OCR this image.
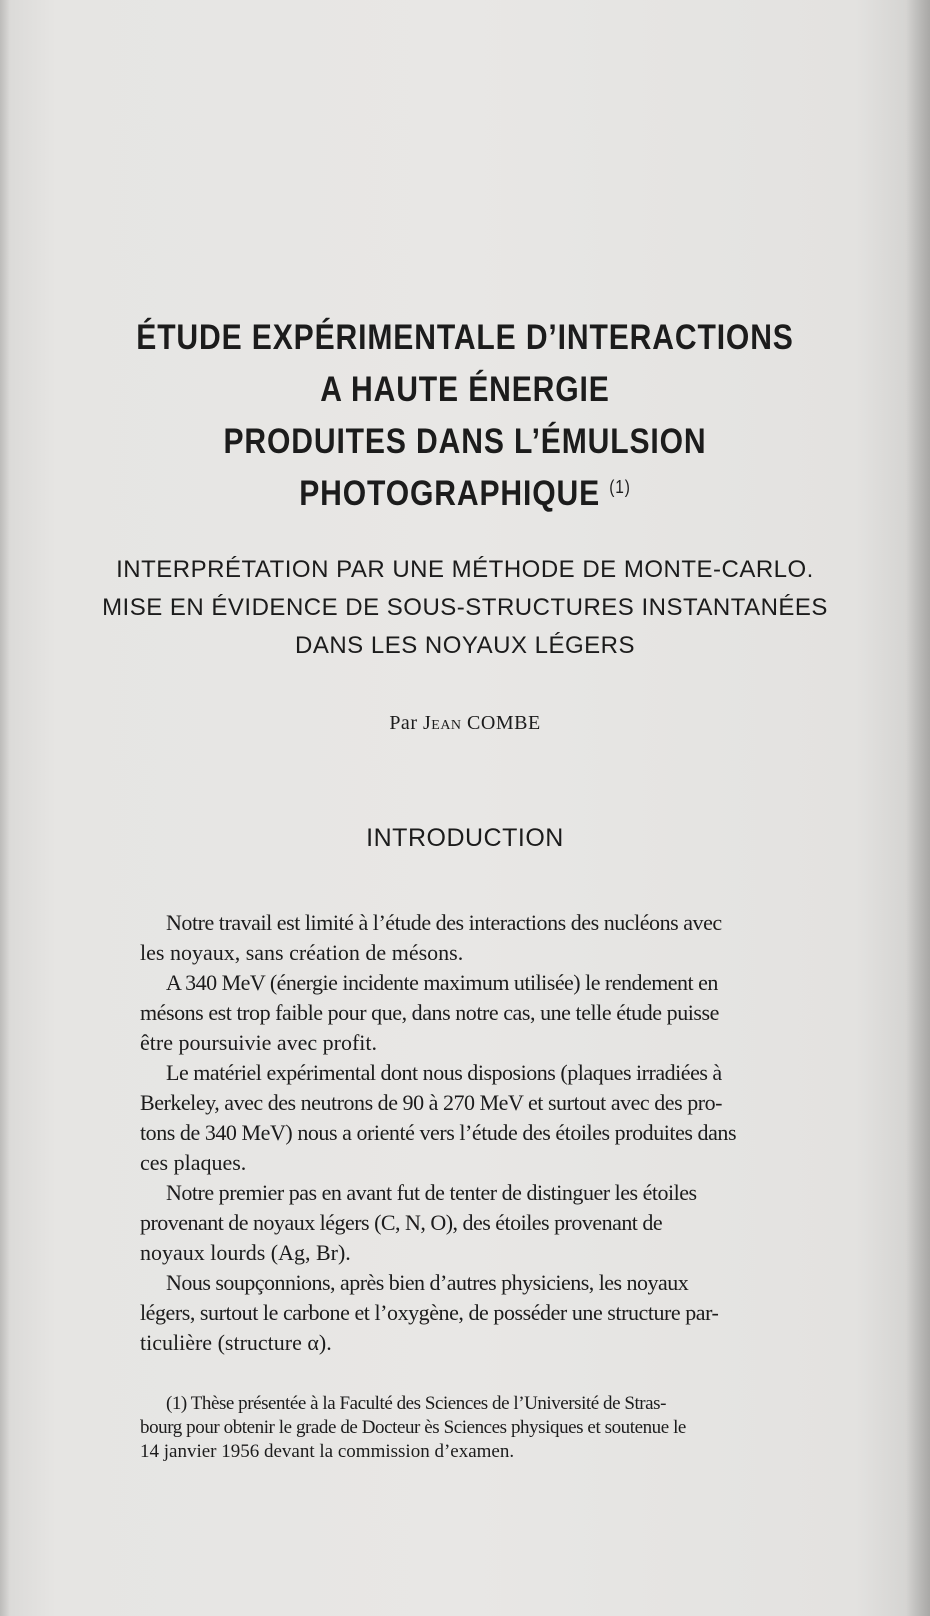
ÉTUDE EXPÉRIMENTALE D’INTERACTIONS
A HAUTE ÉNERGIE
PRODUITES DANS L’ÉMULSION
PHOTOGRAPHIQUE $^{(1)}$
INTERPRÉTATION PAR UNE MÉTHODE DE MONTE-CARLO.
MISE EN ÉVIDENCE DE SOUS-STRUCTURES INSTANTANÉES
DANS LES NOYAUX LÉGERS
Par Jean COMBE
INTRODUCTION
Notre travail est limité à l’étude des interactions des nucléons avec
les noyaux, sans création de mésons.
A 340 MeV (énergie incidente maximum utilisée) le rendement en
mésons est trop faible pour que, dans notre cas, une telle étude puisse
être poursuivie avec profit.
Le matériel expérimental dont nous disposions (plaques irradiées à
Berkeley, avec des neutrons de 90 à 270 MeV et surtout avec des pro-
tons de 340 MeV) nous a orienté vers l’étude des étoiles produites dans
ces plaques.
Notre premier pas en avant fut de tenter de distinguer les étoiles
provenant de noyaux légers (C, N, O), des étoiles provenant de
noyaux lourds (Ag, Br).
Nous soupçonnions, après bien d’autres physiciens, les noyaux
légers, surtout le carbone et l’oxygène, de posséder une structure par-
ticulière (structure α).
(1) Thèse présentée à la Faculté des Sciences de l’Université de Stras-
bourg pour obtenir le grade de Docteur ès Sciences physiques et soutenue le
14 janvier 1956 devant la commission d’examen.
